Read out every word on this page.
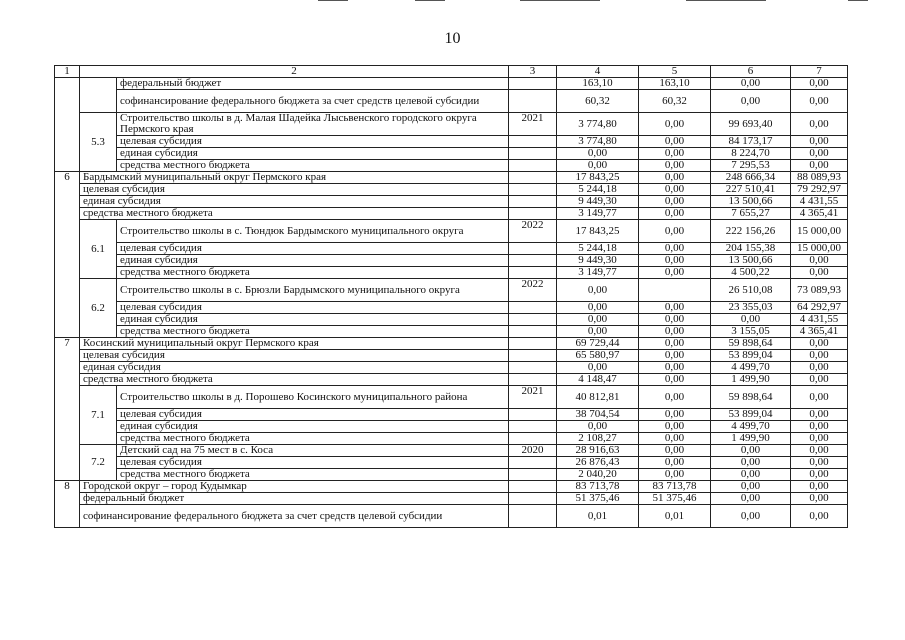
10
1	2		3	4	5	6	7
		федеральный бюджет		163,10	163,10	0,00	0,00
		софинансирование федерального бюджета за счет средств целевой субсидии		60,32	60,32	0,00	0,00
	5.3	Строительство школы в д. Малая Шадейка Лысьвенского городского округа Пермского края	2021	3 774,80	0,00	99 693,40	0,00
		целевая субсидия		3 774,80	0,00	84 173,17	0,00
		единая субсидия		0,00	0,00	8 224,70	0,00
		средства местного бюджета		0,00	0,00	7 295,53	0,00
6	Бардымский муниципальный округ Пермского края			17 843,25	0,00	248 666,34	88 089,93
	целевая субсидия			5 244,18	0,00	227 510,41	79 292,97
	единая субсидия			9 449,30	0,00	13 500,66	4 431,55
	средства местного бюджета			3 149,77	0,00	7 655,27	4 365,41
	6.1	Строительство школы в с. Тюндюк Бардымского муниципального округа	2022	17 843,25	0,00	222 156,26	15 000,00
		целевая субсидия		5 244,18	0,00	204 155,38	15 000,00
		единая субсидия		9 449,30	0,00	13 500,66	0,00
		средства местного бюджета		3 149,77	0,00	4 500,22	0,00
	6.2	Строительство школы в с. Брюзли Бардымского муниципального округа	2022	0,00		26 510,08	73 089,93
		целевая субсидия		0,00	0,00	23 355,03	64 292,97
		единая субсидия		0,00	0,00	0,00	4 431,55
		средства местного бюджета		0,00	0,00	3 155,05	4 365,41
7	Косинский муниципальный округ Пермского края			69 729,44	0,00	59 898,64	0,00
	целевая субсидия			65 580,97	0,00	53 899,04	0,00
	единая субсидия			0,00	0,00	4 499,70	0,00
	средства местного бюджета			4 148,47	0,00	1 499,90	0,00
	7.1	Строительство школы в д. Порошево Косинского муниципального района	2021	40 812,81	0,00	59 898,64	0,00
		целевая субсидия		38 704,54	0,00	53 899,04	0,00
		единая субсидия		0,00	0,00	4 499,70	0,00
		средства местного бюджета		2 108,27	0,00	1 499,90	0,00
	7.2	Детский сад на 75 мест в с. Коса	2020	28 916,63	0,00	0,00	0,00
		целевая субсидия		26 876,43	0,00	0,00	0,00
		средства местного бюджета		2 040,20	0,00	0,00	0,00
8	Городской округ – город Кудымкар			83 713,78	83 713,78	0,00	0,00
	федеральный бюджет			51 375,46	51 375,46	0,00	0,00
	софинансирование федерального бюджета за счет средств целевой субсидии			0,01	0,01	0,00	0,00
